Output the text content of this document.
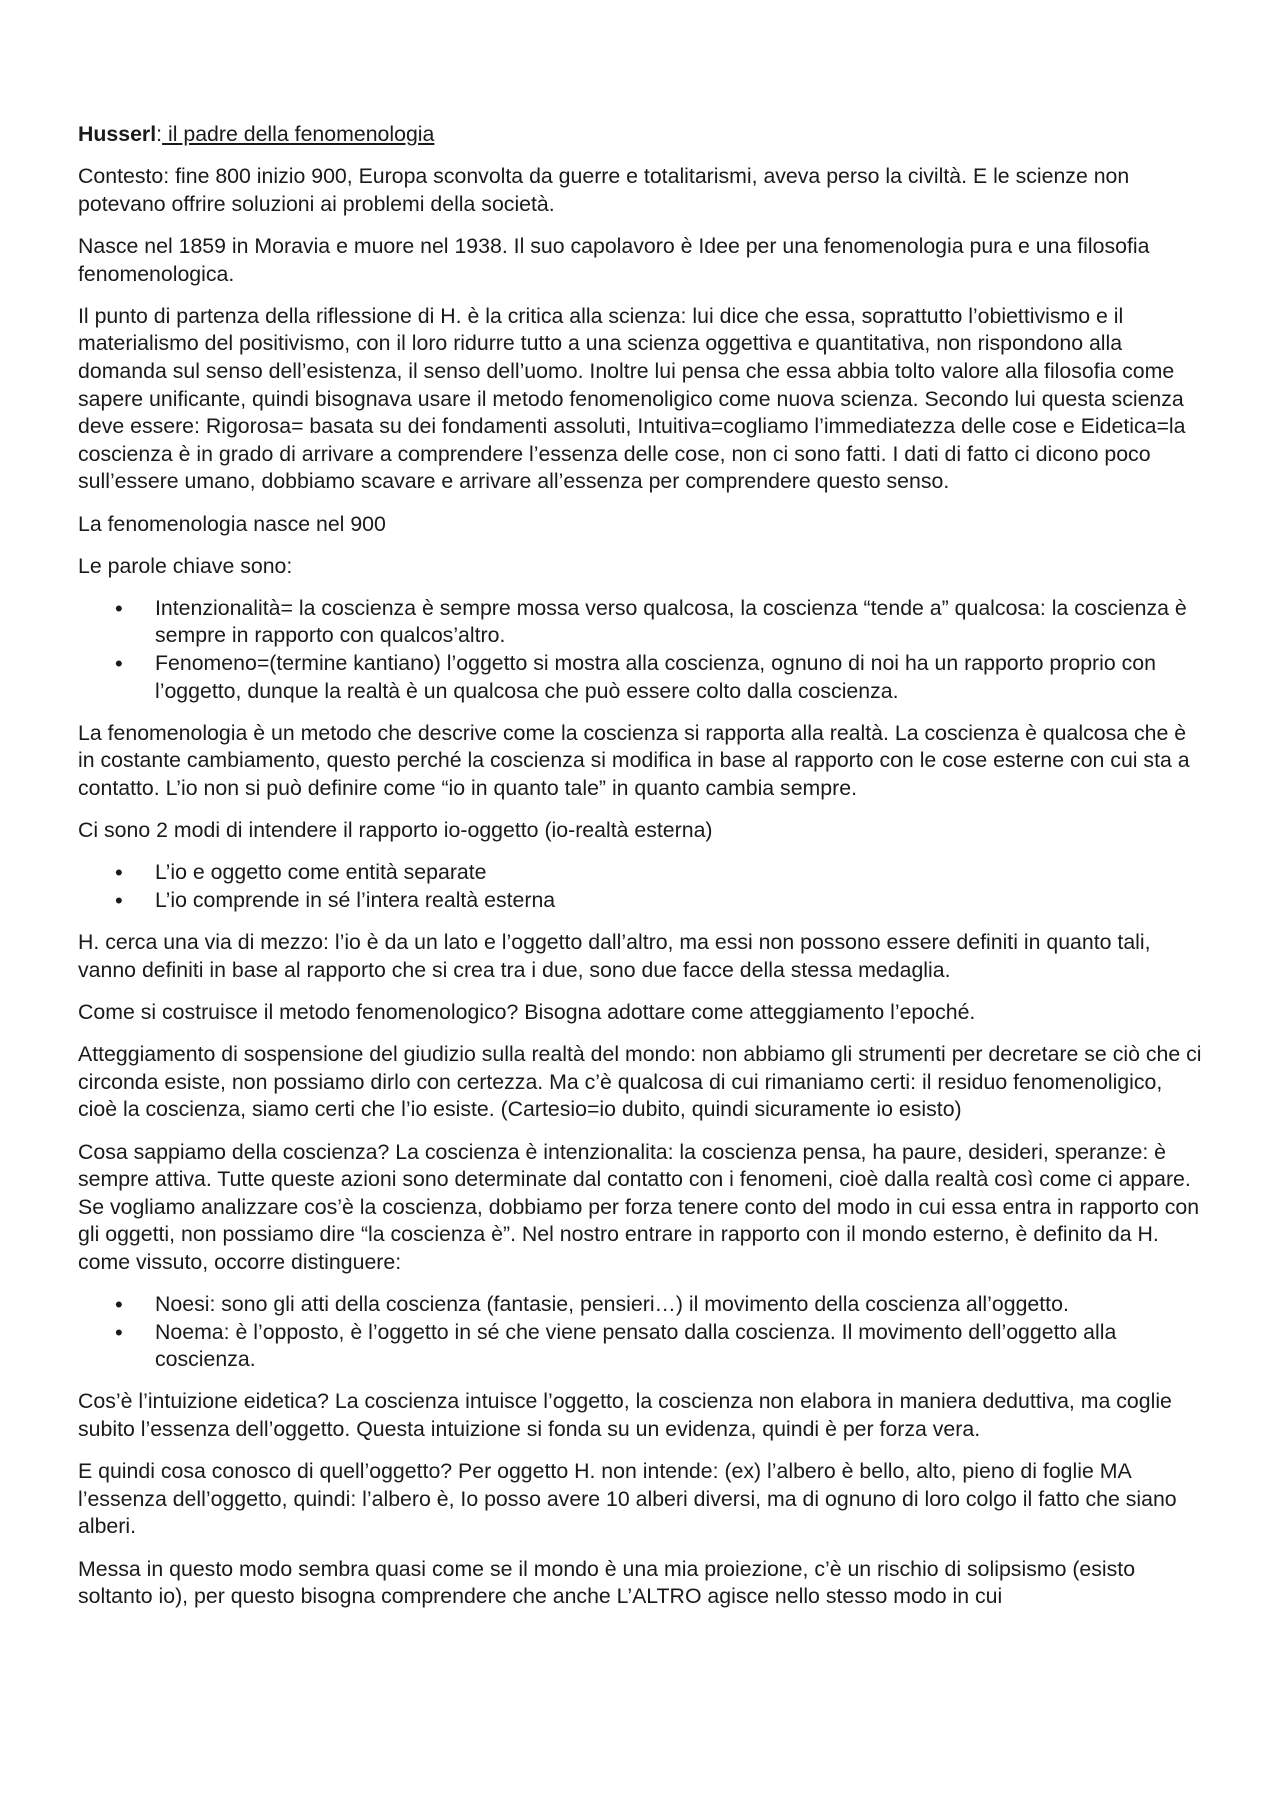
Husserl: il padre della fenomenologia

Contesto: fine 800 inizio 900, Europa sconvolta da guerre e totalitarismi, aveva perso la civiltà. E le scienze non potevano offrire soluzioni ai problemi della società.

Nasce nel 1859 in Moravia e muore nel 1938. Il suo capolavoro è Idee per una fenomenologia pura e una filosofia fenomenologica.

Il punto di partenza della riflessione di H. è la critica alla scienza: lui dice che essa, soprattutto l’obiettivismo e il materialismo del positivismo, con il loro ridurre tutto a una scienza oggettiva e quantitativa, non rispondono alla domanda sul senso dell’esistenza, il senso dell’uomo. Inoltre lui pensa che essa abbia tolto valore alla filosofia come sapere unificante, quindi bisognava usare il metodo fenomenoligico come nuova scienza. Secondo lui questa scienza deve essere: Rigorosa= basata su dei fondamenti assoluti, Intuitiva=cogliamo l’immediatezza delle cose e Eidetica=la coscienza è in grado di arrivare a comprendere l’essenza delle cose, non ci sono fatti. I dati di fatto ci dicono poco sull’essere umano, dobbiamo scavare e arrivare all’essenza per comprendere questo senso.

La fenomenologia nasce nel 900

Le parole chiave sono:

• Intenzionalità= la coscienza è sempre mossa verso qualcosa, la coscienza “tende a” qualcosa: la coscienza è sempre in rapporto con qualcos’altro.
• Fenomeno=(termine kantiano) l’oggetto si mostra alla coscienza, ognuno di noi ha un rapporto proprio con l’oggetto, dunque la realtà è un qualcosa che può essere colto dalla coscienza.

La fenomenologia è un metodo che descrive come la coscienza si rapporta alla realtà. La coscienza è qualcosa che è in costante cambiamento, questo perché la coscienza si modifica in base al rapporto con le cose esterne con cui sta a contatto. L’io non si può definire come “io in quanto tale” in quanto cambia sempre.

Ci sono 2 modi di intendere il rapporto io-oggetto (io-realtà esterna)

• L’io e oggetto come entità separate
• L’io comprende in sé l’intera realtà esterna

H. cerca una via di mezzo: l’io è da un lato e l’oggetto dall’altro, ma essi non possono essere definiti in quanto tali, vanno definiti in base al rapporto che si crea tra i due, sono due facce della stessa medaglia.

Come si costruisce il metodo fenomenologico? Bisogna adottare come atteggiamento l’epoché.

Atteggiamento di sospensione del giudizio sulla realtà del mondo: non abbiamo gli strumenti per decretare se ciò che ci circonda esiste, non possiamo dirlo con certezza. Ma c’è qualcosa di cui rimaniamo certi: il residuo fenomenoligico, cioè la coscienza, siamo certi che l’io esiste. (Cartesio=io dubito, quindi sicuramente io esisto)

Cosa sappiamo della coscienza? La coscienza è intenzionalita: la coscienza pensa, ha paure, desideri, speranze: è sempre attiva. Tutte queste azioni sono determinate dal contatto con i fenomeni, cioè dalla realtà così come ci appare. Se vogliamo analizzare cos’è la coscienza, dobbiamo per forza tenere conto del modo in cui essa entra in rapporto con gli oggetti, non possiamo dire “la coscienza è”. Nel nostro entrare in rapporto con il mondo esterno, è definito da H. come vissuto, occorre distinguere:

• Noesi: sono gli atti della coscienza (fantasie, pensieri…) il movimento della coscienza all’oggetto.
• Noema: è l’opposto, è l’oggetto in sé che viene pensato dalla coscienza. Il movimento dell’oggetto alla coscienza.

Cos’è l’intuizione eidetica? La coscienza intuisce l’oggetto, la coscienza non elabora in maniera deduttiva, ma coglie subito l’essenza dell’oggetto. Questa intuizione si fonda su un evidenza, quindi è per forza vera.

E quindi cosa conosco di quell’oggetto? Per oggetto H. non intende: (ex) l’albero è bello, alto, pieno di foglie MA l’essenza dell’oggetto, quindi: l’albero è, Io posso avere 10 alberi diversi, ma di ognuno di loro colgo il fatto che siano alberi.

Messa in questo modo sembra quasi come se il mondo è una mia proiezione, c’è un rischio di solipsismo (esisto soltanto io), per questo bisogna comprendere che anche L’ALTRO agisce nello stesso modo in cui
